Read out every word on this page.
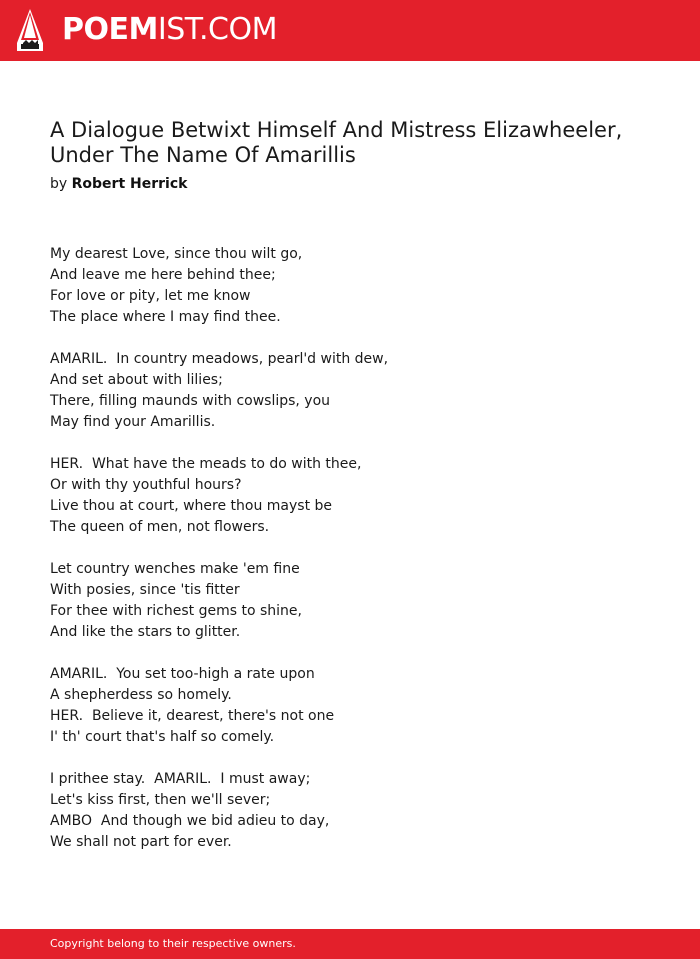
POEMIST.COM
A Dialogue Betwixt Himself And Mistress Elizawheeler, Under The Name Of Amarillis
by Robert Herrick
My dearest Love, since thou wilt go,
And leave me here behind thee;
For love or pity, let me know
The place where I may find thee.
AMARIL.  In country meadows, pearl'd with dew,
And set about with lilies;
There, filling maunds with cowslips, you
May find your Amarillis.
HER.  What have the meads to do with thee,
Or with thy youthful hours?
Live thou at court, where thou mayst be
The queen of men, not flowers.
Let country wenches make 'em fine
With posies, since 'tis fitter
For thee with richest gems to shine,
And like the stars to glitter.
AMARIL.  You set too-high a rate upon
A shepherdess so homely.
HER.  Believe it, dearest, there's not one
I' th' court that's half so comely.
I prithee stay.  AMARIL.  I must away;
Let's kiss first, then we'll sever;
AMBO  And though we bid adieu to day,
We shall not part for ever.
Copyright belong to their respective owners.
